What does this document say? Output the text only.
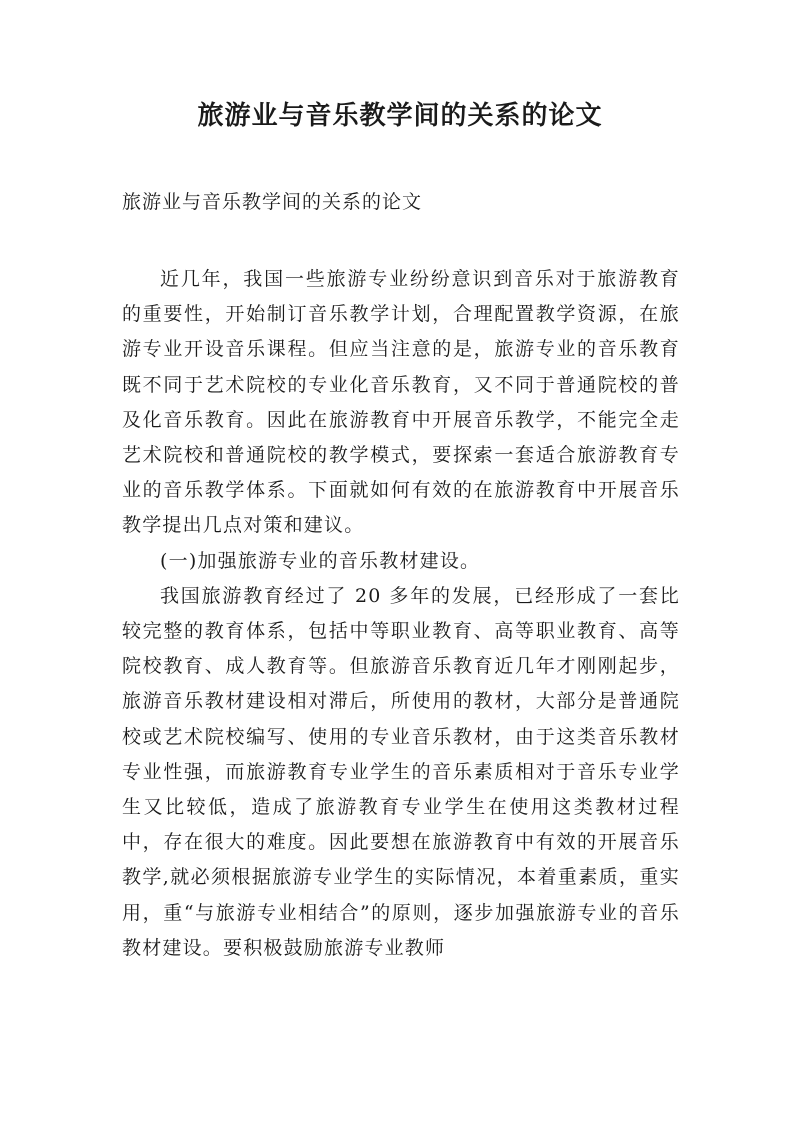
旅游业与音乐教学间的关系的论文

旅游业与音乐教学间的关系的论文

近几年，我国一些旅游专业纷纷意识到音乐对于旅游教育的重要性，开始制订音乐教学计划，合理配置教学资源，在旅游专业开设音乐课程。但应当注意的是，旅游专业的音乐教育既不同于艺术院校的专业化音乐教育，又不同于普通院校的普及化音乐教育。因此在旅游教育中开展音乐教学，不能完全走艺术院校和普通院校的教学模式，要探索一套适合旅游教育专业的音乐教学体系。下面就如何有效的在旅游教育中开展音乐教学提出几点对策和建议。

(一)加强旅游专业的音乐教材建设。

我国旅游教育经过了 20 多年的发展，已经形成了一套比较完整的教育体系，包括中等职业教育、高等职业教育、高等院校教育、成人教育等。但旅游音乐教育近几年才刚刚起步，旅游音乐教材建设相对滞后，所使用的教材，大部分是普通院校或艺术院校编写、使用的专业音乐教材，由于这类音乐教材专业性强，而旅游教育专业学生的音乐素质相对于音乐专业学生又比较低，造成了旅游教育专业学生在使用这类教材过程中，存在很大的难度。因此要想在旅游教育中有效的开展音乐教学,就必须根据旅游专业学生的实际情况，本着重素质，重实用，重“与旅游专业相结合”的原则，逐步加强旅游专业的音乐教材建设。要积极鼓励旅游专业教师
